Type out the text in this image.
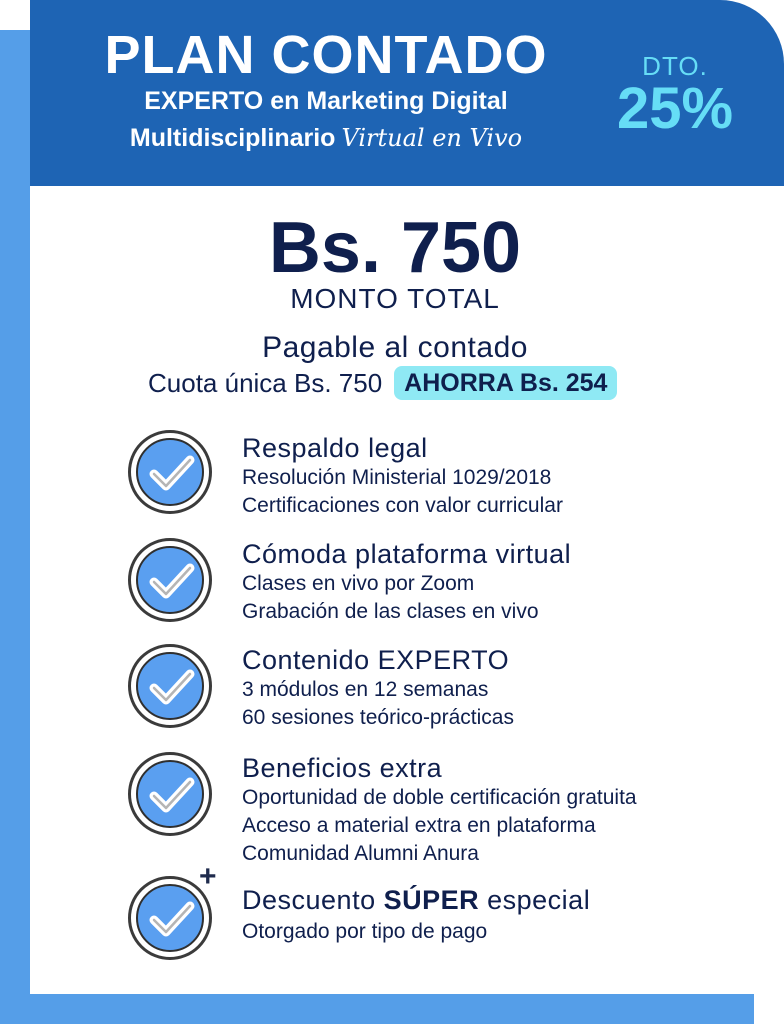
PLAN CONTADO
EXPERTO en Marketing Digital
Multidisciplinario Virtual en Vivo
DTO.
25%
Bs. 750
MONTO TOTAL
Pagable al contado
Cuota única Bs. 750 AHORRA Bs. 254
Respaldo legal
Resolución Ministerial 1029/2018
Certificaciones con valor curricular
Cómoda plataforma virtual
Clases en vivo por Zoom
Grabación de las clases en vivo
Contenido EXPERTO
3 módulos en 12 semanas
60 sesiones teórico-prácticas
Beneficios extra
Oportunidad de doble certificación gratuita
Acceso a material extra en plataforma
Comunidad Alumni Anura
+
Descuento SÚPER especial
Otorgado por tipo de pago
